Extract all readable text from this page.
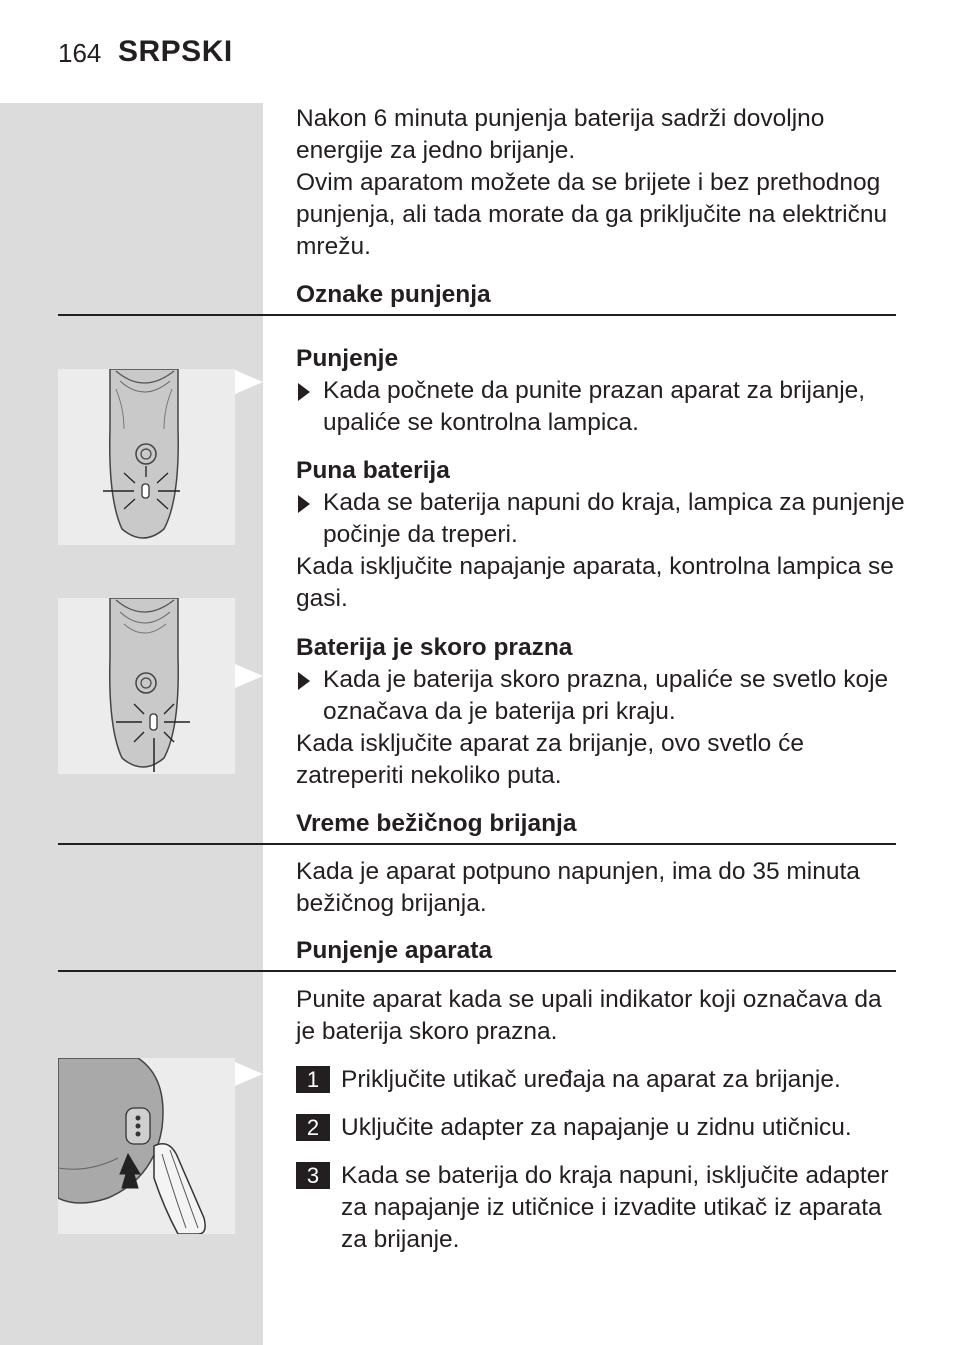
164 SRPSKI

Nakon 6 minuta punjenja baterija sadrži dovoljno energije za jedno brijanje.

Ovim aparatom možete da se brijete i bez prethodnog punjenja, ali tada morate da ga priključite na električnu mrežu.

Oznake punjenja
Punjenje
Kada počnete da punite prazan aparat za brijanje, upaliće se kontrolna lampica.
Puna baterija
Kada se baterija napuni do kraja, lampica za punjenje počinje da treperi.

Kada isključite napajanje aparata, kontrolna lampica se gasi.

Baterija je skoro prazna
Kada je baterija skoro prazna, upaliće se svetlo koje označava da je baterija pri kraju.

Kada isključite aparat za brijanje, ovo svetlo će zatreperiti nekoliko puta.

Vreme bežičnog brijanja

Kada je aparat potpuno napunjen, ima do 35 minuta bežičnog brijanja.

Punjenje aparata

Punite aparat kada se upali indikator koji označava da je baterija skoro prazna.

1 Priključite utikač uređaja na aparat za brijanje.
2 Uključite adapter za napajanje u zidnu utičnicu.
3 Kada se baterija do kraja napuni, isključite adapter za napajanje iz utičnice i izvadite utikač iz aparata za brijanje.
